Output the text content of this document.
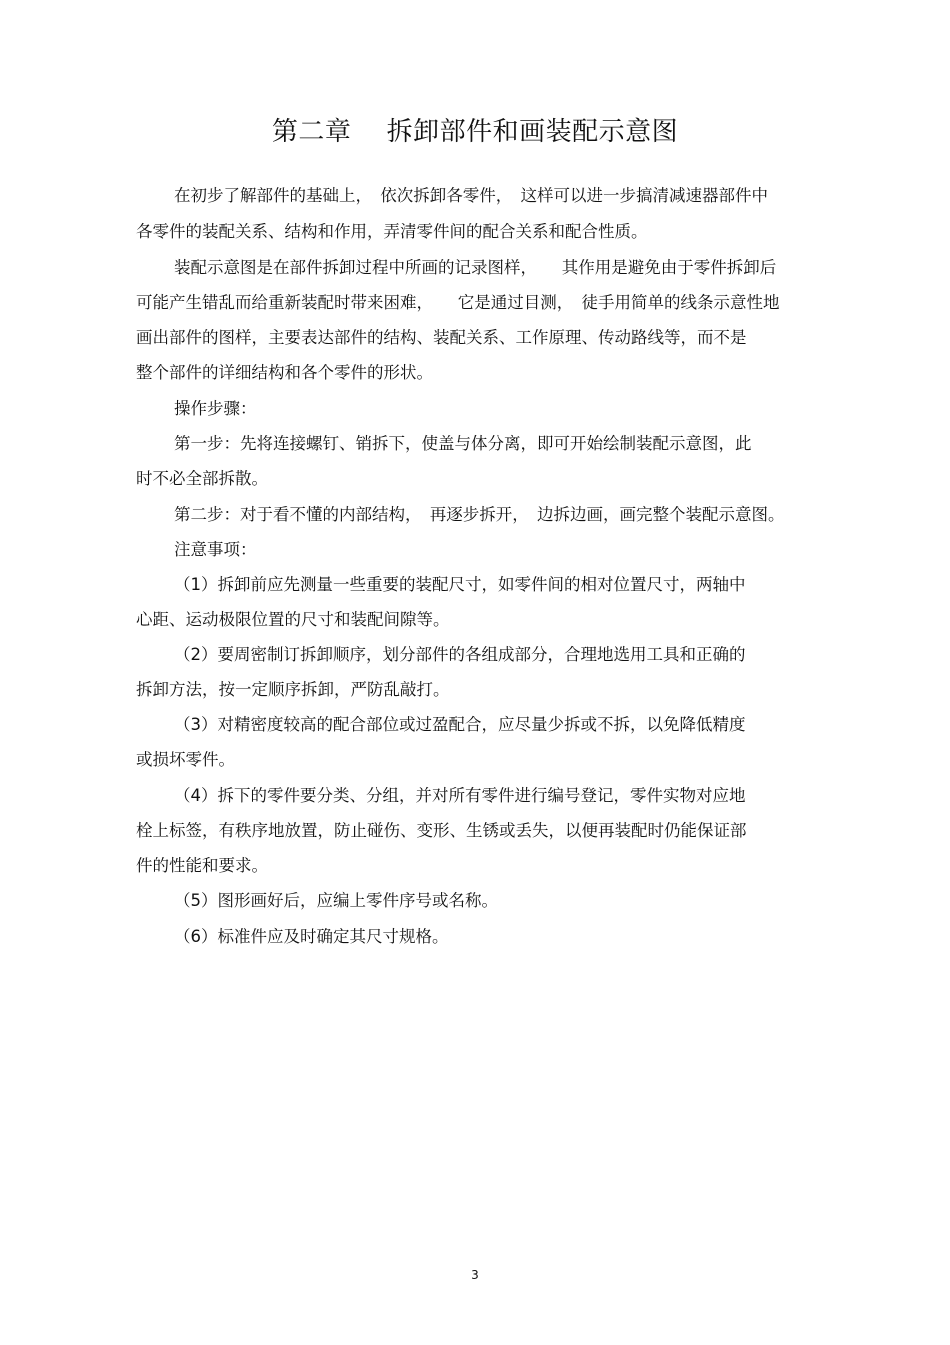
第二章　 拆卸部件和画装配示意图
在初步了解部件的基础上，　依次拆卸各零件，　这样可以进一步搞清减速器部件中
各零件的装配关系、结构和作用，弄清零件间的配合关系和配合性质。
装配示意图是在部件拆卸过程中所画的记录图样，　　其作用是避免由于零件拆卸后
可能产生错乱而给重新装配时带来困难，　　它是通过目测，　徒手用简单的线条示意性地
画出部件的图样，主要表达部件的结构、装配关系、工作原理、传动路线等，而不是
整个部件的详细结构和各个零件的形状。
操作步骤：
第一步：先将连接螺钉、销拆下，使盖与体分离，即可开始绘制装配示意图，此
时不必全部拆散。
第二步：对于看不懂的内部结构，　再逐步拆开，　边拆边画，画完整个装配示意图。
注意事项：
（1）拆卸前应先测量一些重要的装配尺寸，如零件间的相对位置尺寸，两轴中
心距、运动极限位置的尺寸和装配间隙等。
（2）要周密制订拆卸顺序，划分部件的各组成部分，合理地选用工具和正确的
拆卸方法，按一定顺序拆卸，严防乱敲打。
（3）对精密度较高的配合部位或过盈配合，应尽量少拆或不拆，以免降低精度
或损坏零件。
（4）拆下的零件要分类、分组，并对所有零件进行编号登记，零件实物对应地
栓上标签，有秩序地放置，防止碰伤、变形、生锈或丢失，以便再装配时仍能保证部
件的性能和要求。
（5）图形画好后，应编上零件序号或名称。
（6）标准件应及时确定其尺寸规格。
3
